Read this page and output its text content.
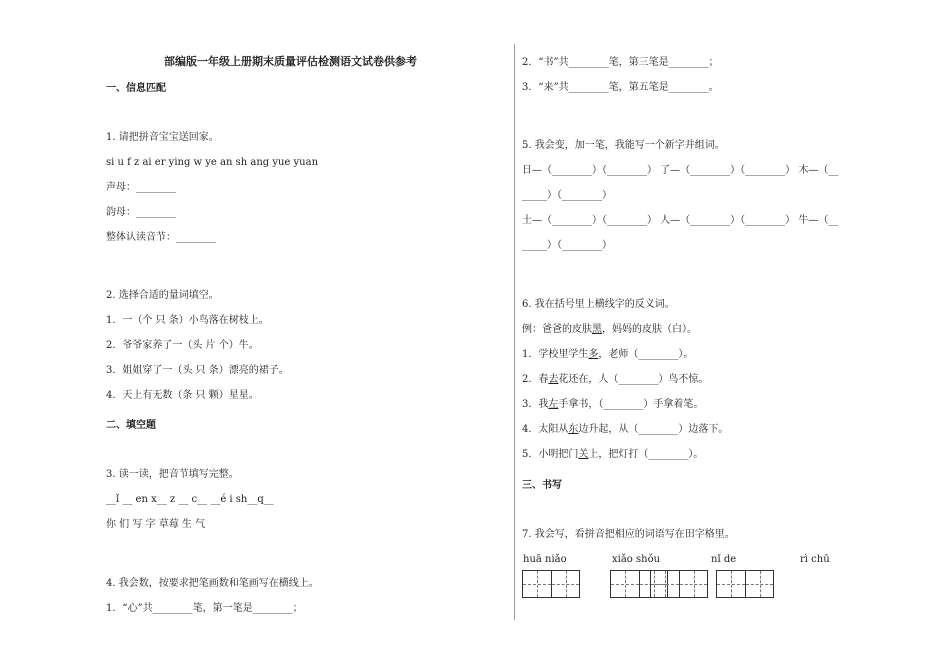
部编版一年级上册期末质量评估检测语文试卷供参考
一、信息匹配
1. 请把拼音宝宝送回家。
si u f z ai er ying w ye an sh ang yue yuan
声母：________
韵母：________
整体认读音节：________
2. 选择合适的量词填空。
1．一（个 只 条）小鸟落在树枝上。
2．爷爷家养了一（头 片 个）牛。
3．姐姐穿了一（头 只 条）漂亮的裙子。
4．天上有无数（条 只 颗）星星。
二、填空题
3. 读一读，把音节填写完整。
__ǐ __ en x__ z __ c__ __é i sh__q__
你 们 写 字 草莓 生 气
4. 我会数，按要求把笔画数和笔画写在横线上。
1．“心”共________笔，第一笔是________；
2．“书”共________笔，第三笔是________；
3．“来”共________笔，第五笔是________。
5. 我会变，加一笔，我能写一个新字并组词。
日—（________）（________） 了—（________）（________） 木—（__
_____）（________）
土—（________）（________） 人—（________）（________） 牛—（__
_____）（________）
6. 我在括号里上横线字的反义词。
例：爸爸的皮肤黑，妈妈的皮肤（白）。
1．学校里学生多，老师（________）。
2．春去花还在，人（________）鸟不惊。
3．我左手拿书，（________）手拿着笔。
4．太阳从东边升起，从（________）边落下。
5．小明把门关上，把灯打（________）。
三、书写
7. 我会写，看拼音把相应的词语写在田字格里。
huā niǎo	xiǎo shǒu	nǐ de	rì chū
